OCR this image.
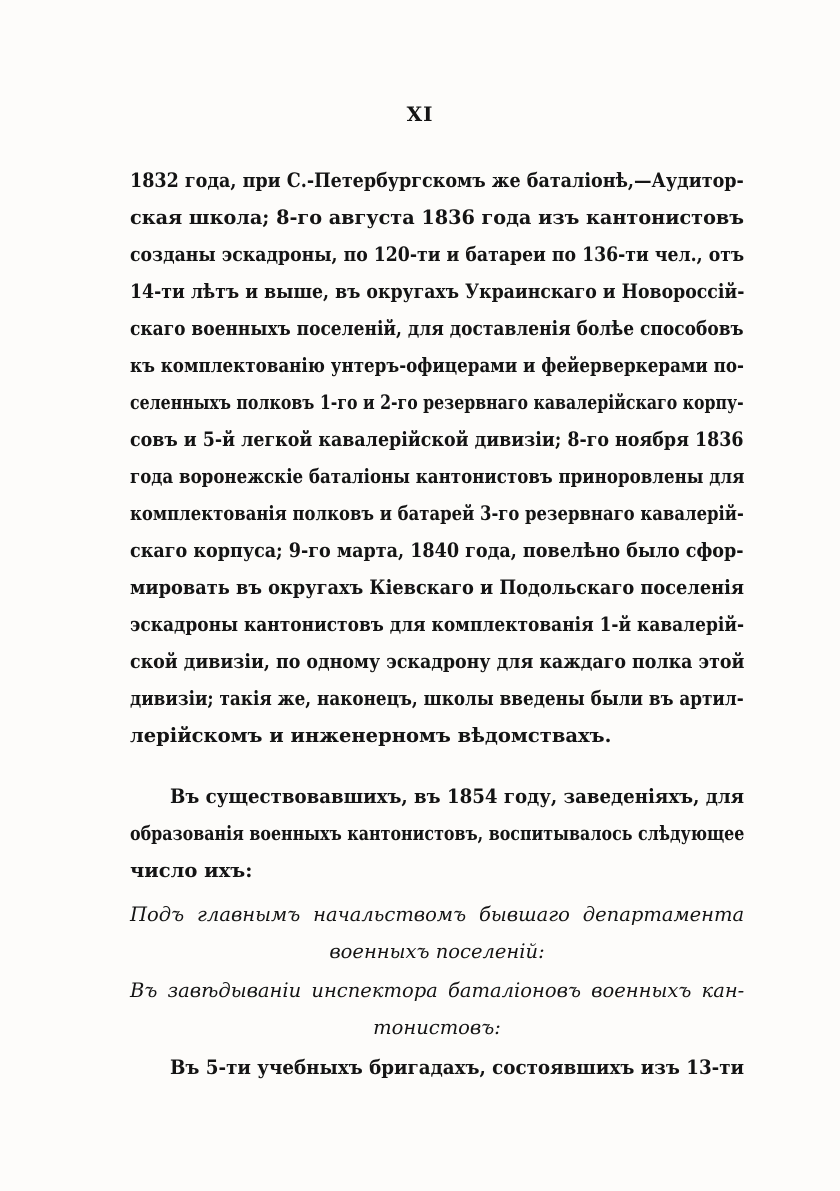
XI
1832 года, при С.-Петербургскомъ же баталіонѣ,—Аудитор-
ская школа; 8-го августа 1836 года изъ кантонистовъ
созданы эскадроны, по 120-ти и батареи по 136-ти чел., отъ
14-ти лѣтъ и выше, въ округахъ Украинскаго и Новороссій-
скаго военныхъ поселеній, для доставленія болѣе способовъ
къ комплектованію унтеръ-офицерами и фейерверкерами по-
селенныхъ полковъ 1-го и 2-го резервнаго кавалерійскаго корпу-
совъ и 5-й легкой кавалерійской дивизіи; 8-го ноября 1836
года воронежскіе баталіоны кантонистовъ приноровлены для
комплектованія полковъ и батарей 3-го резервнаго кавалерій-
скаго корпуса; 9-го марта, 1840 года, повелѣно было сфор-
мировать въ округахъ Кіевскаго и Подольскаго поселенія
эскадроны кантонистовъ для комплектованія 1-й кавалерій-
ской дивизіи, по одному эскадрону для каждаго полка этой
дивизіи; такія же, наконецъ, школы введены были въ артил-
лерійскомъ и инженерномъ вѣдомствахъ.
Въ существовавшихъ, въ 1854 году, заведеніяхъ, для
образованія военныхъ кантонистовъ, воспитывалось слѣдующее
число ихъ:
Подъ главнымъ начальствомъ бывшаго департамента
военныхъ поселеній:
Въ завѣдываніи инспектора баталіоновъ военныхъ кан-
тонистовъ:
Въ 5-ти учебныхъ бригадахъ, состоявшихъ изъ 13-ти
